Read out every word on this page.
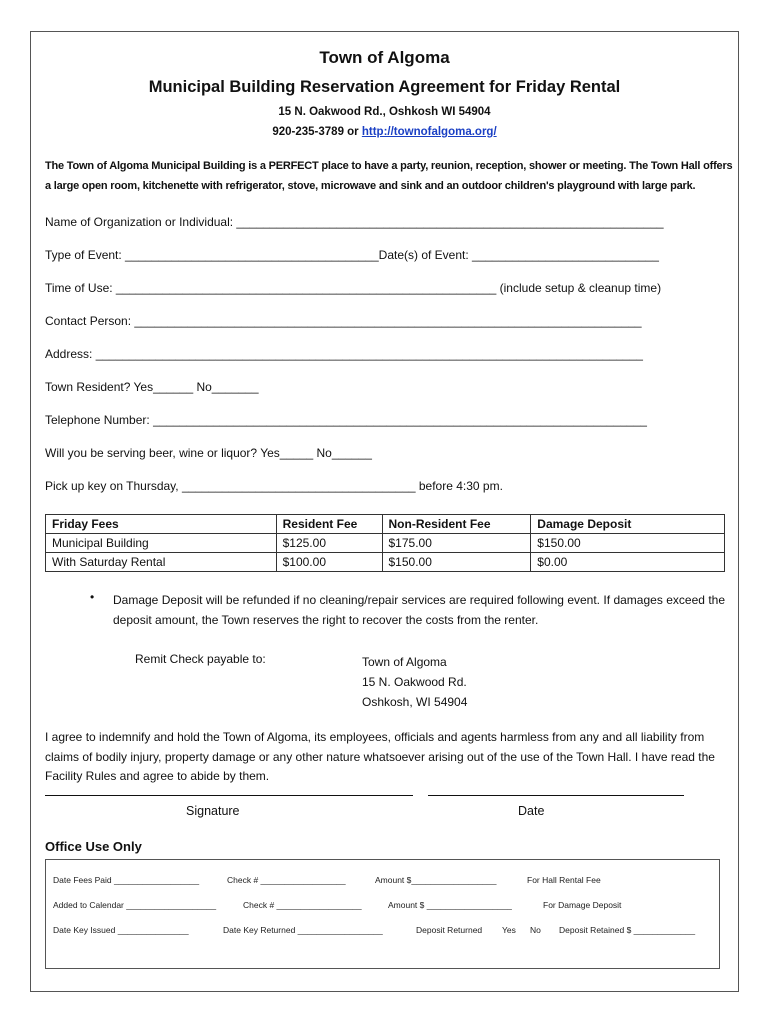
Town of Algoma
Municipal Building Reservation Agreement for Friday Rental
15 N. Oakwood Rd., Oshkosh WI 54904
920-235-3789 or http://townofalgoma.org/
The Town of Algoma Municipal Building is a PERFECT place to have a party, reunion, reception, shower or meeting. The Town Hall offers a large open room, kitchenette with refrigerator, stove, microwave and sink and an outdoor children's playground with large park.
Name of Organization or Individual: ________________________________________________________________
Type of Event: ______________________________________Date(s) of Event: ____________________________
Time of Use: _________________________________________________________ (include setup & cleanup time)
Contact Person: ____________________________________________________________________________
Address: __________________________________________________________________________________
Town Resident? Yes______ No_______
Telephone Number: __________________________________________________________________________
Will you be serving beer, wine or liquor? Yes_____ No______
Pick up key on Thursday, ___________________________________ before 4:30 pm.
Friday Fees	Resident Fee	Non-Resident Fee	Damage Deposit
Municipal Building	$125.00	$175.00	$150.00
With Saturday Rental	$100.00	$150.00	$0.00
• Damage Deposit will be refunded if no cleaning/repair services are required following event. If damages exceed the deposit amount, the Town reserves the right to recover the costs from the renter.
Remit Check payable to:	Town of Algoma
15 N. Oakwood Rd.
Oshkosh, WI 54904
I agree to indemnify and hold the Town of Algoma, its employees, officials and agents harmless from any and all liability from claims of bodily injury, property damage or any other nature whatsoever arising out of the use of the Town Hall. I have read the Facility Rules and agree to abide by them.
Signature	Date
Office Use Only
Date Fees Paid __________________	Check # __________________	Amount $__________________	For Hall Rental Fee
Added to Calendar ___________________	Check # __________________	Amount $ __________________	For Damage Deposit
Date Key Issued _______________	Date Key Returned __________________	Deposit Returned Yes No Deposit Retained $ _____________
